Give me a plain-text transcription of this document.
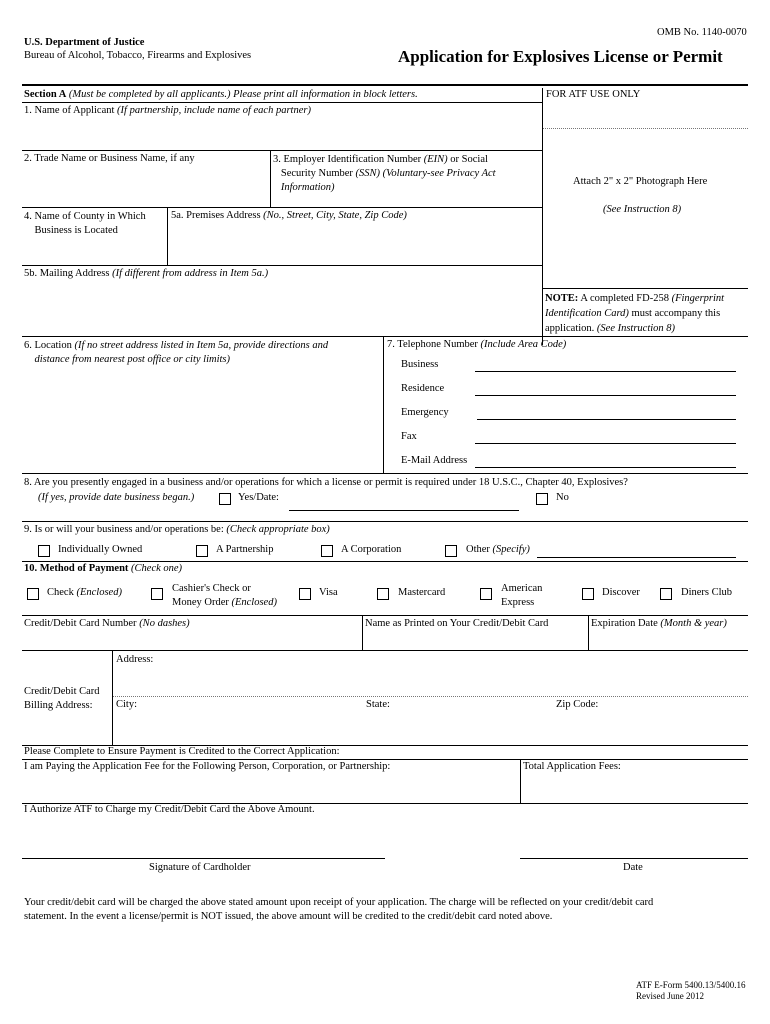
OMB No. 1140-0070
U.S. Department of Justice
Bureau of Alcohol, Tobacco, Firearms and Explosives	Application for Explosives License or Permit
Section A (Must be completed by all applicants.) Please print all information in block letters.	FOR ATF USE ONLY
1. Name of Applicant (If partnership, include name of each partner)
2. Trade Name or Business Name, if any	3. Employer Identification Number (EIN) or Social
Security Number (SSN) (Voluntary-see Privacy Act
Information)
Attach 2" x 2" Photograph Here
(See Instruction 8)
4. Name of County in Which
Business is Located
5a. Premises Address (No., Street, City, State, Zip Code)
5b. Mailing Address (If different from address in Item 5a.)
NOTE: A completed FD-258 (Fingerprint
Identification Card) must accompany this
application. (See Instruction 8)
6. Location (If no street address listed in Item 5a, provide directions and
distance from nearest post office or city limits)
7. Telephone Number (Include Area Code)
Business
Residence
Emergency
Fax
E-Mail Address
8. Are you presently engaged in a business and/or operations for which a license or permit is required under 18 U.S.C., Chapter 40, Explosives?
(If yes, provide date business began.)	Yes/Date:	No
9. Is or will your business and/or operations be: (Check appropriate box)
Individually Owned	A Partnership	A Corporation	Other (Specify)
10. Method of Payment (Check one)
Check (Enclosed)	Cashier's Check or
Money Order (Enclosed)
Visa	Mastercard	American
Express
Discover	Diners Club
Credit/Debit Card Number (No dashes)	Name as Printed on Your Credit/Debit Card	Expiration Date (Month & year)
Address:
Credit/Debit Card
Billing Address:	City:	State:	Zip Code:
Please Complete to Ensure Payment is Credited to the Correct Application:
I am Paying the Application Fee for the Following Person, Corporation, or Partnership:	Total Application Fees:
I Authorize ATF to Charge my Credit/Debit Card the Above Amount.
Signature of Cardholder	Date
Your credit/debit card will be charged the above stated amount upon receipt of your application. The charge will be reflected on your credit/debit card
statement. In the event a license/permit is NOT issued, the above amount will be credited to the credit/debit card noted above.
ATF E-Form 5400.13/5400.16
Revised June 2012
